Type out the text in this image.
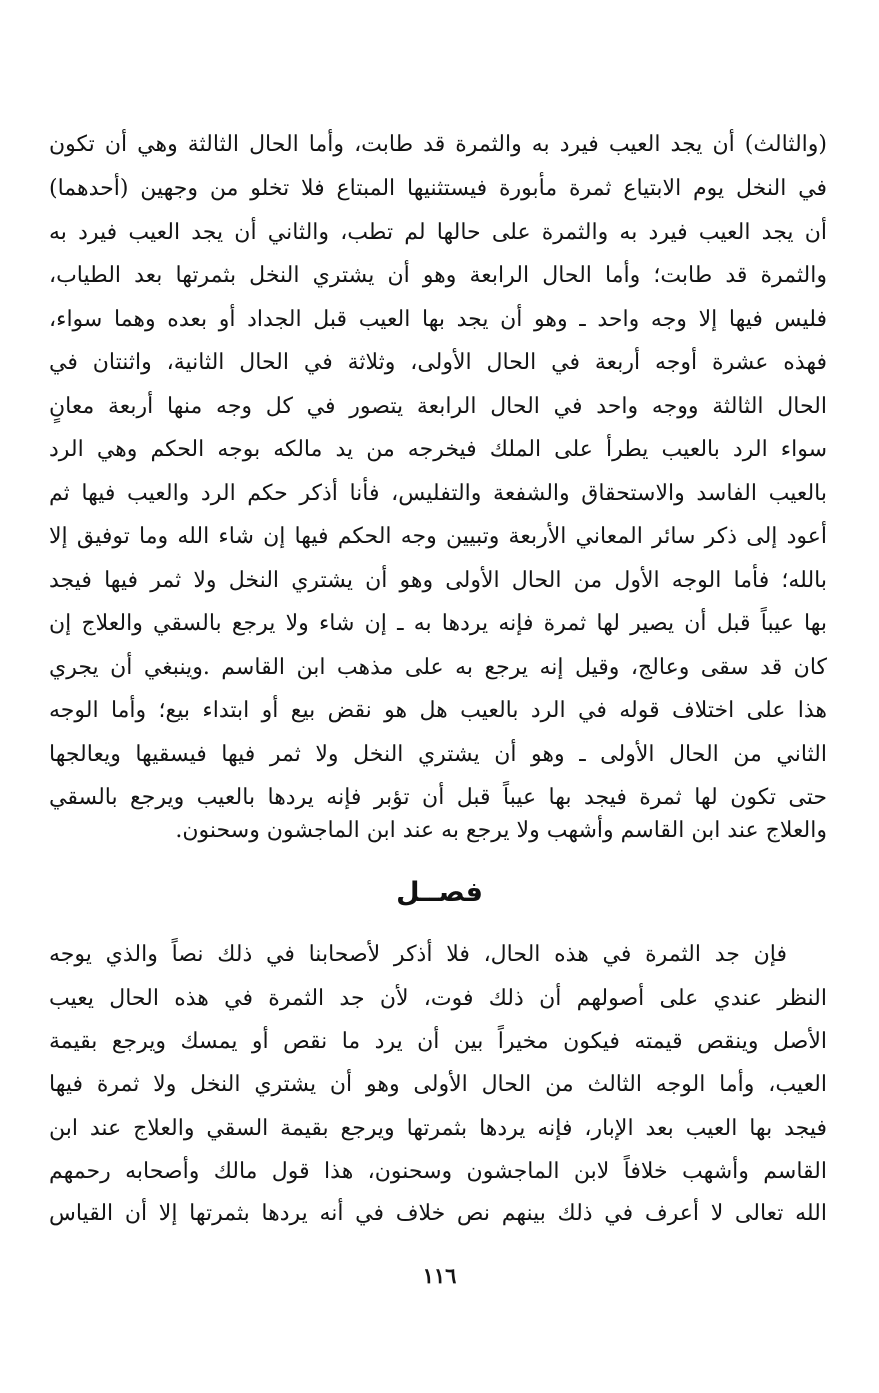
(والثالث) أن يجد العيب فيرد به والثمرة قد طابت، وأما الحال الثالثة وهي أن تكون
في النخل يوم الابتياع ثمرة مأبورة فيستثنيها المبتاع فلا تخلو من وجهين (أحدهما)
أن يجد العيب فيرد به والثمرة على حالها لم تطب، والثاني أن يجد العيب فيرد به
والثمرة قد طابت؛ وأما الحال الرابعة وهو أن يشتري النخل بثمرتها بعد الطياب،
فليس فيها إلا وجه واحد ـ وهو أن يجد بها العيب قبل الجداد أو بعده وهما سواء،
فهذه عشرة أوجه أربعة في الحال الأولى، وثلاثة في الحال الثانية، واثنتان في
الحال الثالثة ووجه واحد في الحال الرابعة يتصور في كل وجه منها أربعة معانٍ
سواء الرد بالعيب يطرأ على الملك فيخرجه من يد مالكه بوجه الحكم وهي الرد
بالعيب الفاسد والاستحقاق والشفعة والتفليس، فأنا أذكر حكم الرد والعيب فيها ثم
أعود إلى ذكر سائر المعاني الأربعة وتبيين وجه الحكم فيها إن شاء الله وما توفيق إلا
بالله؛ فأما الوجه الأول من الحال الأولى وهو أن يشتري النخل ولا ثمر فيها فيجد
بها عيباً قبل أن يصير لها ثمرة فإنه يردها به ـ إن شاء ولا يرجع بالسقي والعلاج إن
كان قد سقى وعالج، وقيل إنه يرجع به على مذهب ابن القاسم .وينبغي أن يجري
هذا على اختلاف قوله في الرد بالعيب هل هو نقض بيع أو ابتداء بيع؛ وأما الوجه
الثاني من الحال الأولى ـ وهو أن يشتري النخل ولا ثمر فيها فيسقيها ويعالجها
حتى تكون لها ثمرة فيجد بها عيباً قبل أن تؤبر فإنه يردها بالعيب ويرجع بالسقي
والعلاج عند ابن القاسم وأشهب ولا يرجع به عند ابن الماجشون وسحنون.
فصــل
فإن جد الثمرة في هذه الحال، فلا أذكر لأصحابنا في ذلك نصاً والذي يوجه
النظر عندي على أصولهم أن ذلك فوت، لأن جد الثمرة في هذه الحال يعيب
الأصل وينقص قيمته فيكون مخيراً بين أن يرد ما نقص أو يمسك ويرجع بقيمة
العيب، وأما الوجه الثالث من الحال الأولى وهو أن يشتري النخل ولا ثمرة فيها
فيجد بها العيب بعد الإبار، فإنه يردها بثمرتها ويرجع بقيمة السقي والعلاج عند ابن
القاسم وأشهب خلافاً لابن الماجشون وسحنون، هذا قول مالك وأصحابه رحمهم
الله تعالى لا أعرف في ذلك بينهم نص خلاف في أنه يردها بثمرتها إلا أن القياس
١١٦
